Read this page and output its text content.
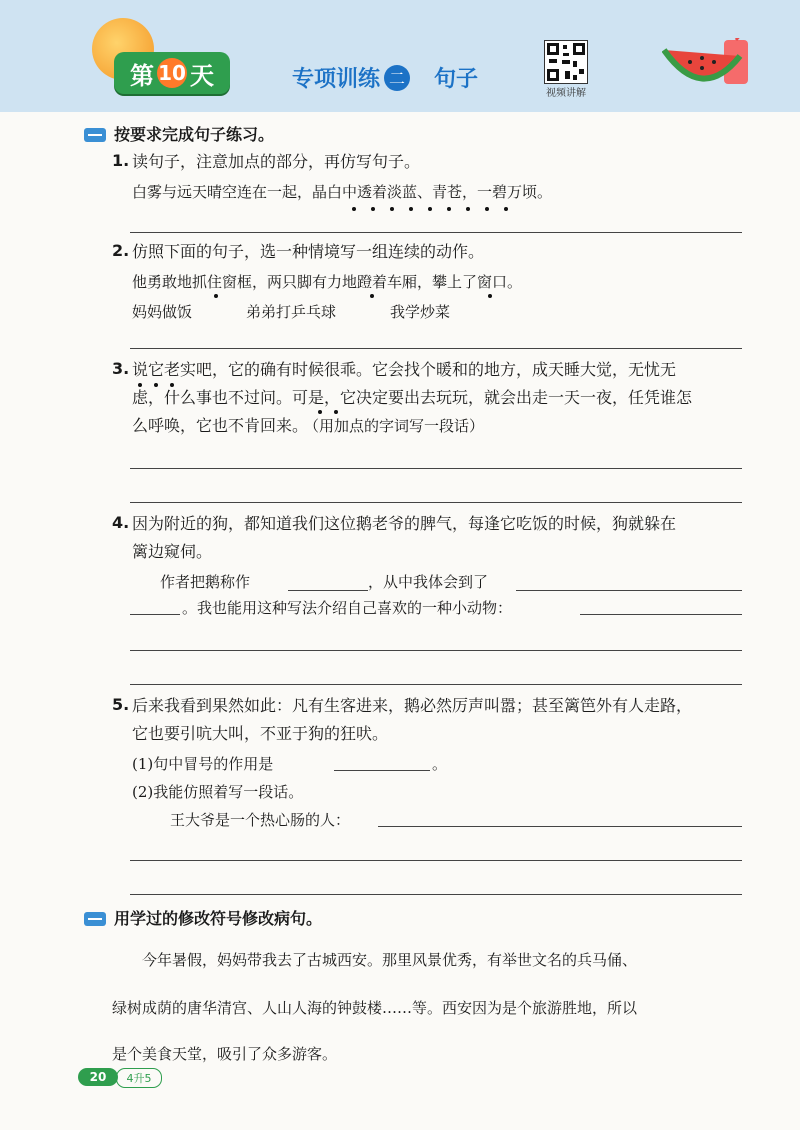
第 10 天	专项训练 二 句子
视频讲解
按要求完成句子练习。
1. 读句子，注意加点的部分，再仿写句子。
白雾与远天晴空连在一起，晶白中透着淡蓝、青苍，一碧万顷。
2. 仿照下面的句子，选一种情境写一组连续的动作。
他勇敢地抓住窗框，两只脚有力地蹬着车厢，攀上了窗口。
妈妈做饭	弟弟打乒乓球	我学炒菜
3. 说它老实吧，它的确有时候很乖。它会找个暖和的地方，成天睡大觉，无忧无
虑，什么事也不过问。可是，它决定要出去玩玩，就会出走一天一夜，任凭谁怎
么呼唤，它也不肯回来。
（用加点的字词写一段话）
4. 因为附近的狗，都知道我们这位鹅老爷的脾气，每逢它吃饭的时候，狗就躲在
篱边窥伺。
作者把鹅称作	，从中我体会到了
。我也能用这种写法介绍自己喜欢的一种小动物：
5. 后来我看到果然如此：凡有生客进来，鹅必然厉声叫嚣；甚至篱笆外有人走路，
它也要引吭大叫，不亚于狗的狂吠。
(1)句中冒号的作用是	。
(2)我能仿照着写一段话。
王大爷是一个热心肠的人：
用学过的修改符号修改病句。
今年暑假，妈妈带我去了古城西安。那里风景优秀，有举世文名的兵马俑、
绿树成荫的唐华清宫、人山人海的钟鼓楼……等。西安因为是个旅游胜地，所以
是个美食天堂，吸引了众多游客。
20	4升5
